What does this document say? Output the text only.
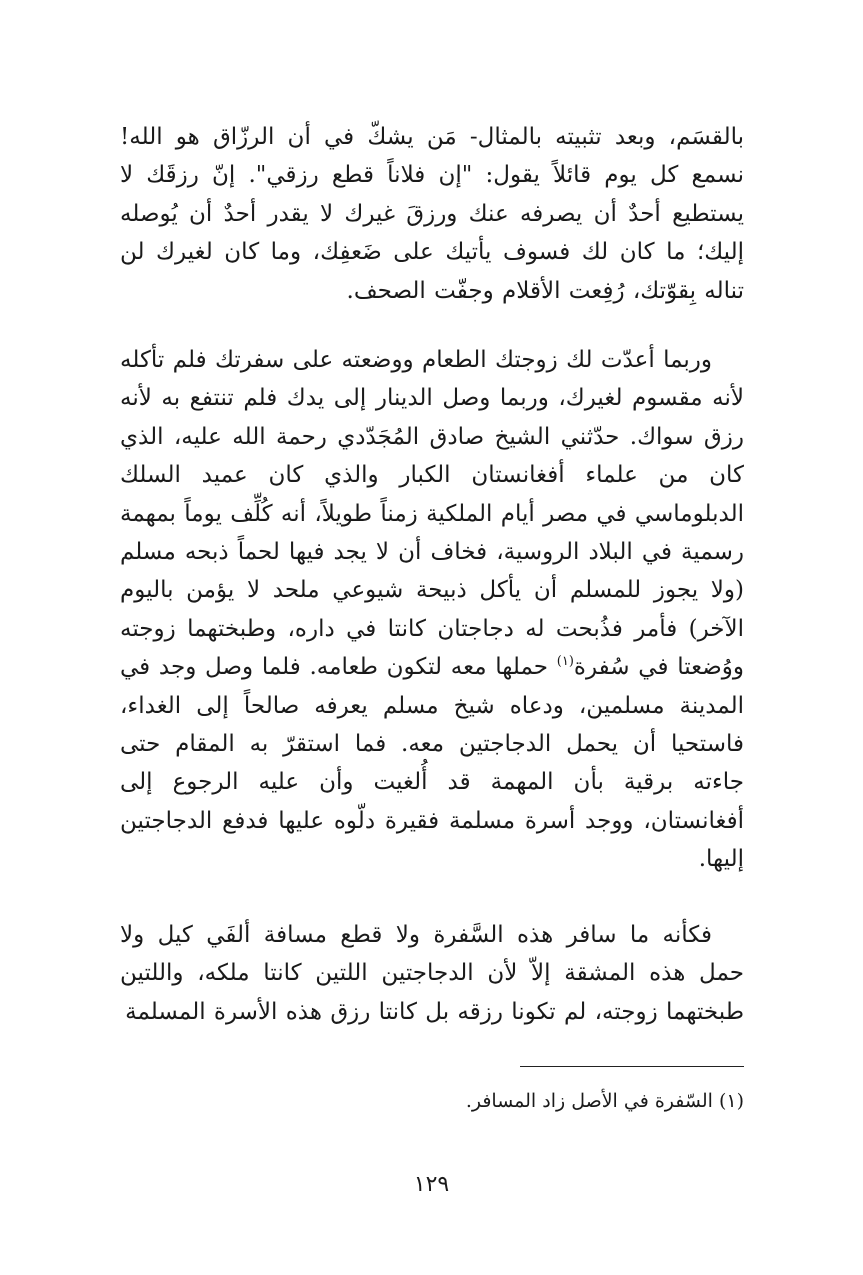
بالقسَم، وبعد تثبيته بالمثال- مَن يشكّ في أن الرزّاق هو الله! نسمع كل يوم قائلاً يقول: "إن فلاناً قطع رزقي". إنّ رزقَك لا يستطيع أحدٌ أن يصرفه عنك ورزقَ غيرك لا يقدر أحدٌ أن يُوصله إليك؛ ما كان لك فسوف يأتيك على ضَعفِك، وما كان لغيرك لن تناله بِقوّتك، رُفِعت الأقلام وجفّت الصحف.

وربما أعدّت لك زوجتك الطعام ووضعته على سفرتك فلم تأكله لأنه مقسوم لغيرك، وربما وصل الدينار إلى يدك فلم تنتفع به لأنه رزق سواك. حدّثني الشيخ صادق المُجَدّدي رحمة الله عليه، الذي كان من علماء أفغانستان الكبار والذي كان عميد السلك الدبلوماسي في مصر أيام الملكية زمناً طويلاً، أنه كُلِّف يوماً بمهمة رسمية في البلاد الروسية، فخاف أن لا يجد فيها لحماً ذبحه مسلم (ولا يجوز للمسلم أن يأكل ذبيحة شيوعي ملحد لا يؤمن باليوم الآخر) فأمر فذُبحت له دجاجتان كانتا في داره، وطبختهما زوجته ووُضعتا في سُفرة$^{(١)}$ حملها معه لتكون طعامه. فلما وصل وجد في المدينة مسلمين، ودعاه شيخ مسلم يعرفه صالحاً إلى الغداء، فاستحيا أن يحمل الدجاجتين معه. فما استقرّ به المقام حتى جاءته برقية بأن المهمة قد أُلغيت وأن عليه الرجوع إلى أفغانستان، ووجد أسرة مسلمة فقيرة دلّوه عليها فدفع الدجاجتين إليها.

فكأنه ما سافر هذه السَّفرة ولا قطع مسافة ألفَي كيل ولا حمل هذه المشقة إلاّ لأن الدجاجتين اللتين كانتا ملكه، واللتين طبختهما زوجته، لم تكونا رزقه بل كانتا رزق هذه الأسرة المسلمة

(١) السّفرة في الأصل زاد المسافر.
١٢٩
